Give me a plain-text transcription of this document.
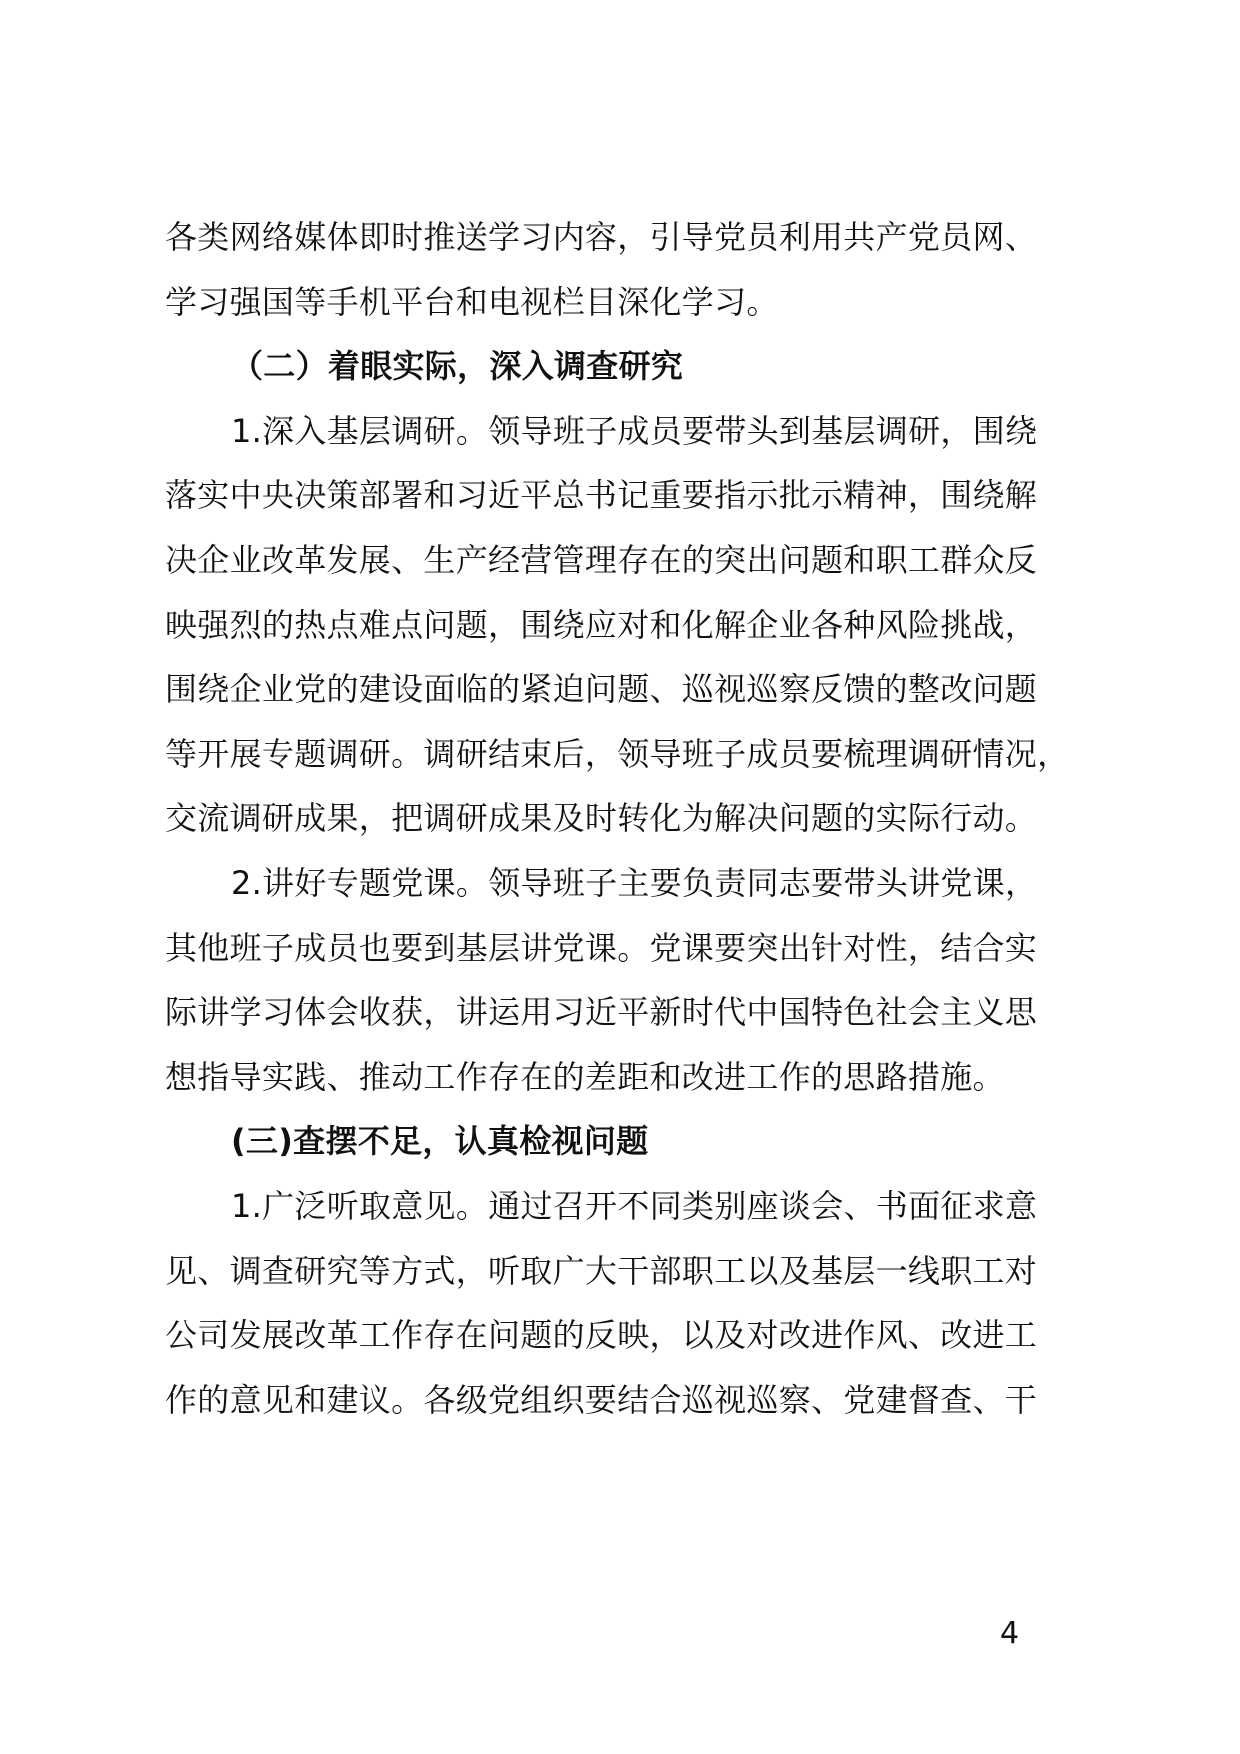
各类网络媒体即时推送学习内容，引导党员利用共产党员网、
学习强国等手机平台和电视栏目深化学习。
（二）着眼实际，深入调查研究
1.深入基层调研。领导班子成员要带头到基层调研，围绕
落实中央决策部署和习近平总书记重要指示批示精神，围绕解
决企业改革发展、生产经营管理存在的突出问题和职工群众反
映强烈的热点难点问题，围绕应对和化解企业各种风险挑战，
围绕企业党的建设面临的紧迫问题、巡视巡察反馈的整改问题
等开展专题调研。调研结束后，领导班子成员要梳理调研情况，
交流调研成果，把调研成果及时转化为解决问题的实际行动。
2.讲好专题党课。领导班子主要负责同志要带头讲党课，
其他班子成员也要到基层讲党课。党课要突出针对性，结合实
际讲学习体会收获，讲运用习近平新时代中国特色社会主义思
想指导实践、推动工作存在的差距和改进工作的思路措施。
(三)查摆不足，认真检视问题
1.广泛听取意见。通过召开不同类别座谈会、书面征求意
见、调查研究等方式，听取广大干部职工以及基层一线职工对
公司发展改革工作存在问题的反映，以及对改进作风、改进工
作的意见和建议。各级党组织要结合巡视巡察、党建督查、干
4
